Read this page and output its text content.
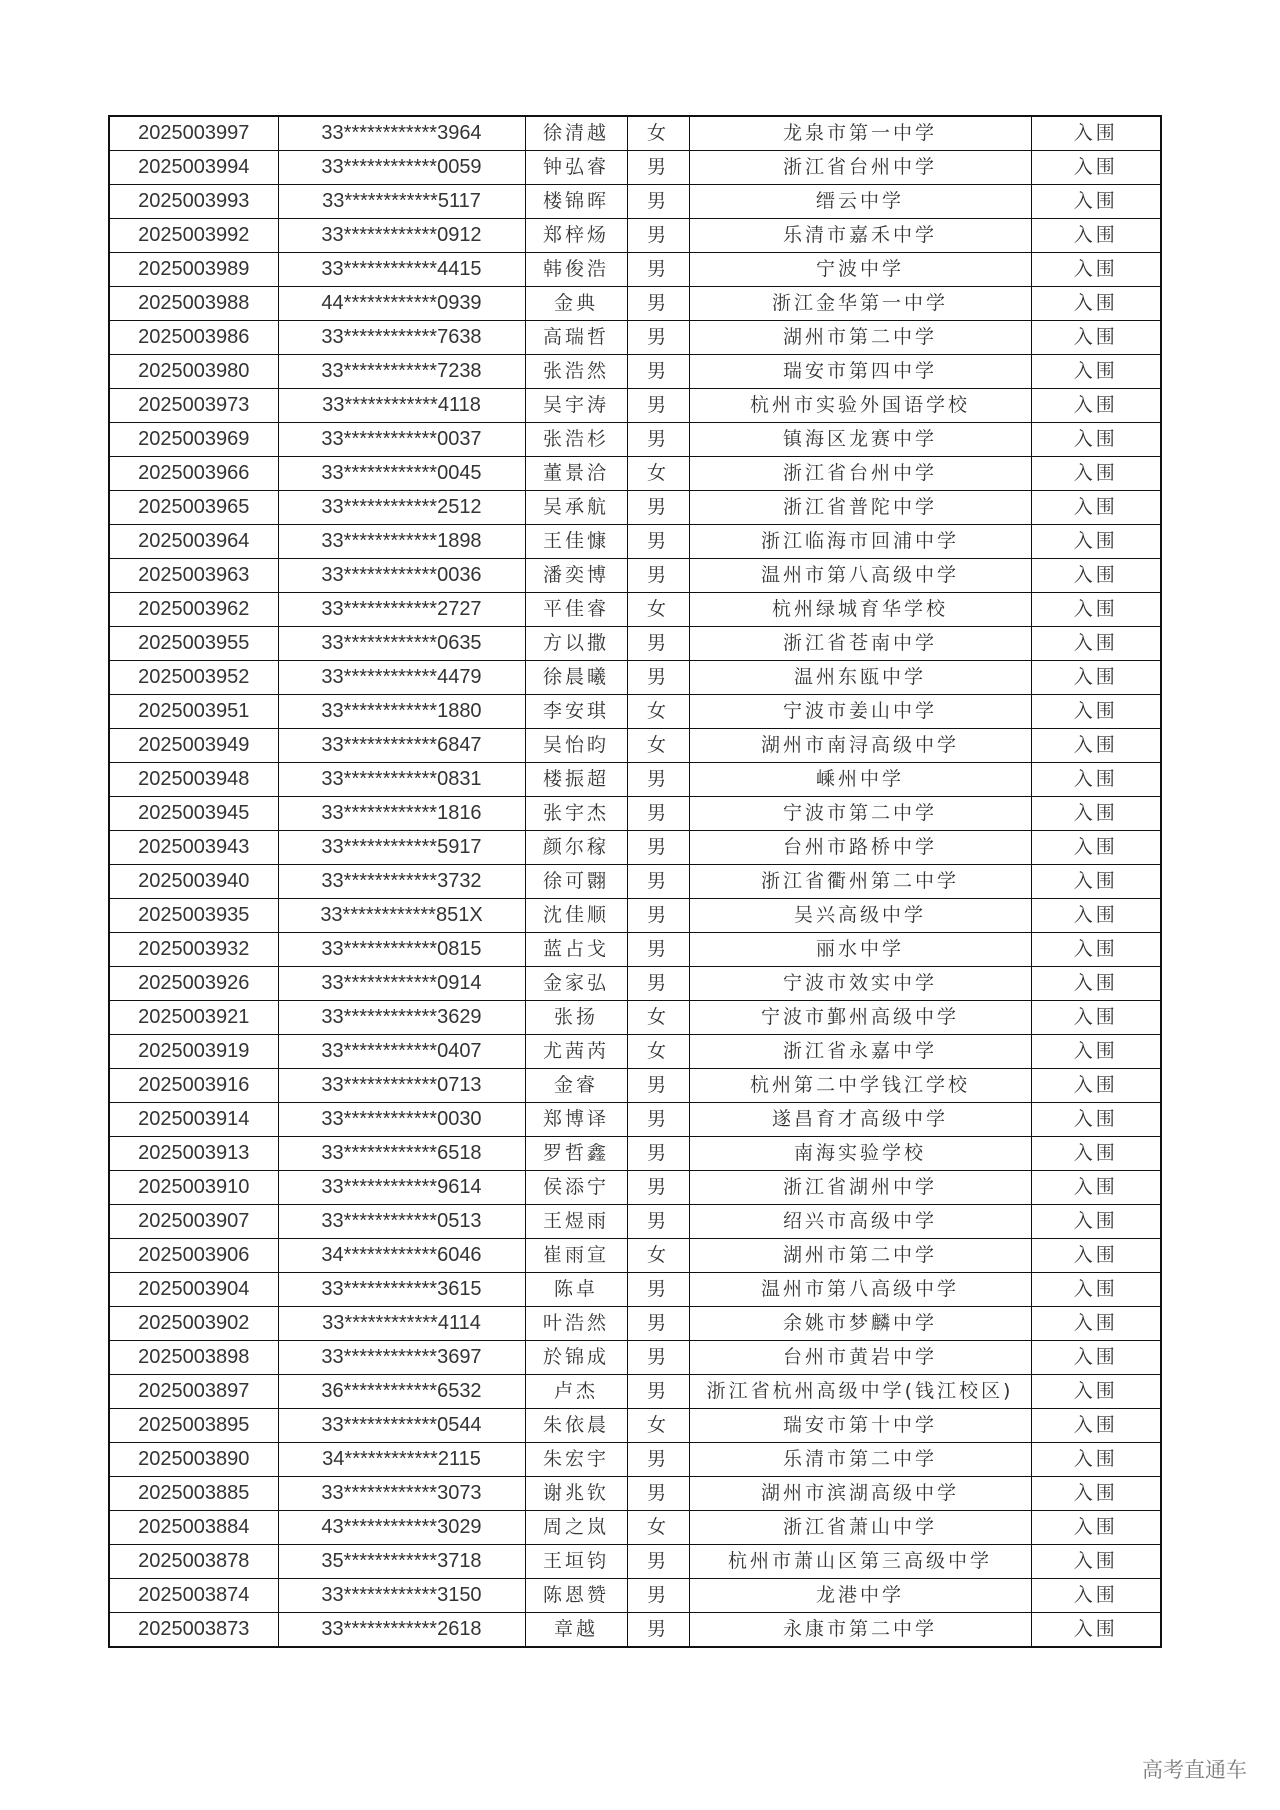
2025003997	33************3964	徐清越	女	龙泉市第一中学	入围
2025003994	33************0059	钟弘睿	男	浙江省台州中学	入围
2025003993	33************5117	楼锦晖	男	缙云中学	入围
2025003992	33************0912	郑梓炀	男	乐清市嘉禾中学	入围
2025003989	33************4415	韩俊浩	男	宁波中学	入围
2025003988	44************0939	金典	男	浙江金华第一中学	入围
2025003986	33************7638	高瑞哲	男	湖州市第二中学	入围
2025003980	33************7238	张浩然	男	瑞安市第四中学	入围
2025003973	33************4118	吴宇涛	男	杭州市实验外国语学校	入围
2025003969	33************0037	张浩杉	男	镇海区龙赛中学	入围
2025003966	33************0045	董景洽	女	浙江省台州中学	入围
2025003965	33************2512	吴承航	男	浙江省普陀中学	入围
2025003964	33************1898	王佳慷	男	浙江临海市回浦中学	入围
2025003963	33************0036	潘奕博	男	温州市第八高级中学	入围
2025003962	33************2727	平佳睿	女	杭州绿城育华学校	入围
2025003955	33************0635	方以撒	男	浙江省苍南中学	入围
2025003952	33************4479	徐晨曦	男	温州东瓯中学	入围
2025003951	33************1880	李安琪	女	宁波市姜山中学	入围
2025003949	33************6847	吴怡昀	女	湖州市南浔高级中学	入围
2025003948	33************0831	楼振超	男	嵊州中学	入围
2025003945	33************1816	张宇杰	男	宁波市第二中学	入围
2025003943	33************5917	颜尔稼	男	台州市路桥中学	入围
2025003940	33************3732	徐可翾	男	浙江省衢州第二中学	入围
2025003935	33************851X	沈佳顺	男	吴兴高级中学	入围
2025003932	33************0815	蓝占戈	男	丽水中学	入围
2025003926	33************0914	金家弘	男	宁波市效实中学	入围
2025003921	33************3629	张扬	女	宁波市鄞州高级中学	入围
2025003919	33************0407	尤茜芮	女	浙江省永嘉中学	入围
2025003916	33************0713	金睿	男	杭州第二中学钱江学校	入围
2025003914	33************0030	郑博译	男	遂昌育才高级中学	入围
2025003913	33************6518	罗哲鑫	男	南海实验学校	入围
2025003910	33************9614	侯添宁	男	浙江省湖州中学	入围
2025003907	33************0513	王煜雨	男	绍兴市高级中学	入围
2025003906	34************6046	崔雨宣	女	湖州市第二中学	入围
2025003904	33************3615	陈卓	男	温州市第八高级中学	入围
2025003902	33************4114	叶浩然	男	余姚市梦麟中学	入围
2025003898	33************3697	於锦成	男	台州市黄岩中学	入围
2025003897	36************6532	卢杰	男	浙江省杭州高级中学(钱江校区)	入围
2025003895	33************0544	朱依晨	女	瑞安市第十中学	入围
2025003890	34************2115	朱宏宇	男	乐清市第二中学	入围
2025003885	33************3073	谢兆钦	男	湖州市滨湖高级中学	入围
2025003884	43************3029	周之岚	女	浙江省萧山中学	入围
2025003878	35************3718	王垣钧	男	杭州市萧山区第三高级中学	入围
2025003874	33************3150	陈恩赞	男	龙港中学	入围
2025003873	33************2618	章越	男	永康市第二中学	入围
高考直通车
